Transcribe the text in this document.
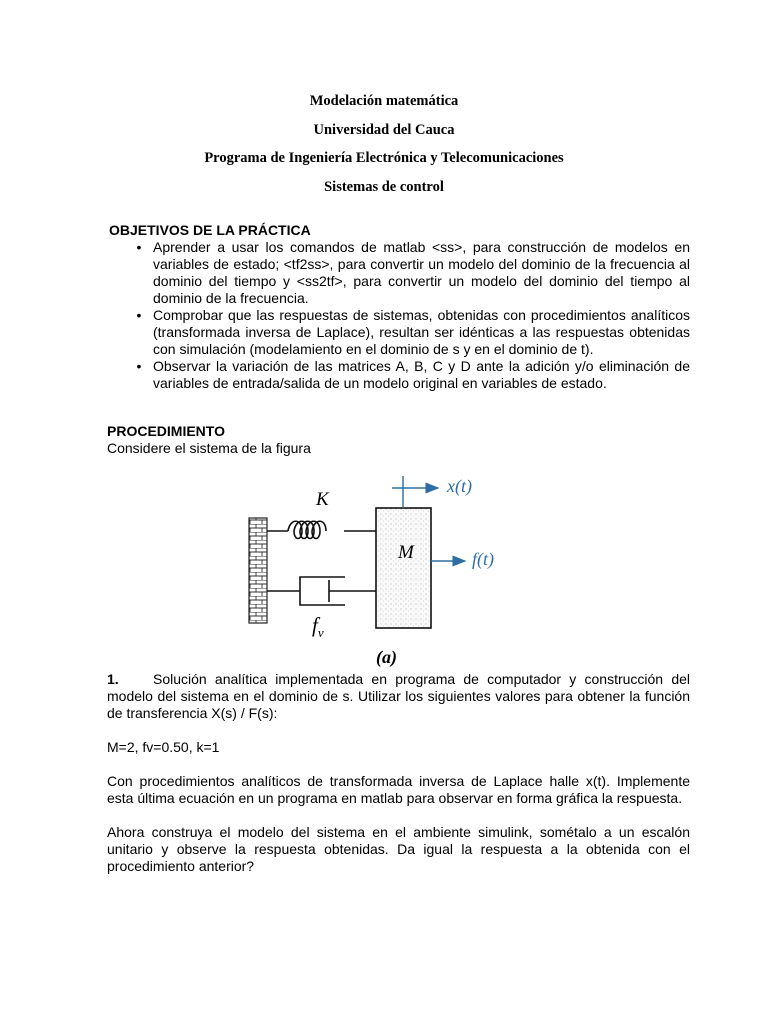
Modelación matemática
Universidad del Cauca
Programa de Ingeniería Electrónica y Telecomunicaciones
Sistemas de control
OBJETIVOS DE LA PRÁCTICA
• Aprender a usar los comandos de matlab <ss>, para construcción de modelos en variables de estado; <tf2ss>, para convertir un modelo del dominio de la frecuencia al dominio del tiempo y <ss2tf>, para convertir un modelo del dominio del tiempo al dominio de la frecuencia.
• Comprobar que las respuestas de sistemas, obtenidas con procedimientos analíticos (transformada inversa de Laplace), resultan ser idénticas a las respuestas obtenidas con simulación (modelamiento en el dominio de s y en el dominio de t).
• Observar la variación de las matrices A, B, C y D ante la adición y/o eliminación de variables de entrada/salida de un modelo original en variables de estado.
PROCEDIMIENTO

Considere el sistema de la figura

K
M
$f_v$
x(t)
f(t)
(a)
1.	Solución analítica implementada en programa de computador y construcción del modelo del sistema en el dominio de s. Utilizar los siguientes valores para obtener la función de transferencia X(s) / F(s):

M=2, fv=0.50, k=1

Con procedimientos analíticos de transformada inversa de Laplace halle x(t). Implemente esta última ecuación en un programa en matlab para observar en forma gráfica la respuesta.

Ahora construya el modelo del sistema en el ambiente simulink, sométalo a un escalón unitario y observe la respuesta obtenidas. Da igual la respuesta a la obtenida con el procedimiento anterior?
